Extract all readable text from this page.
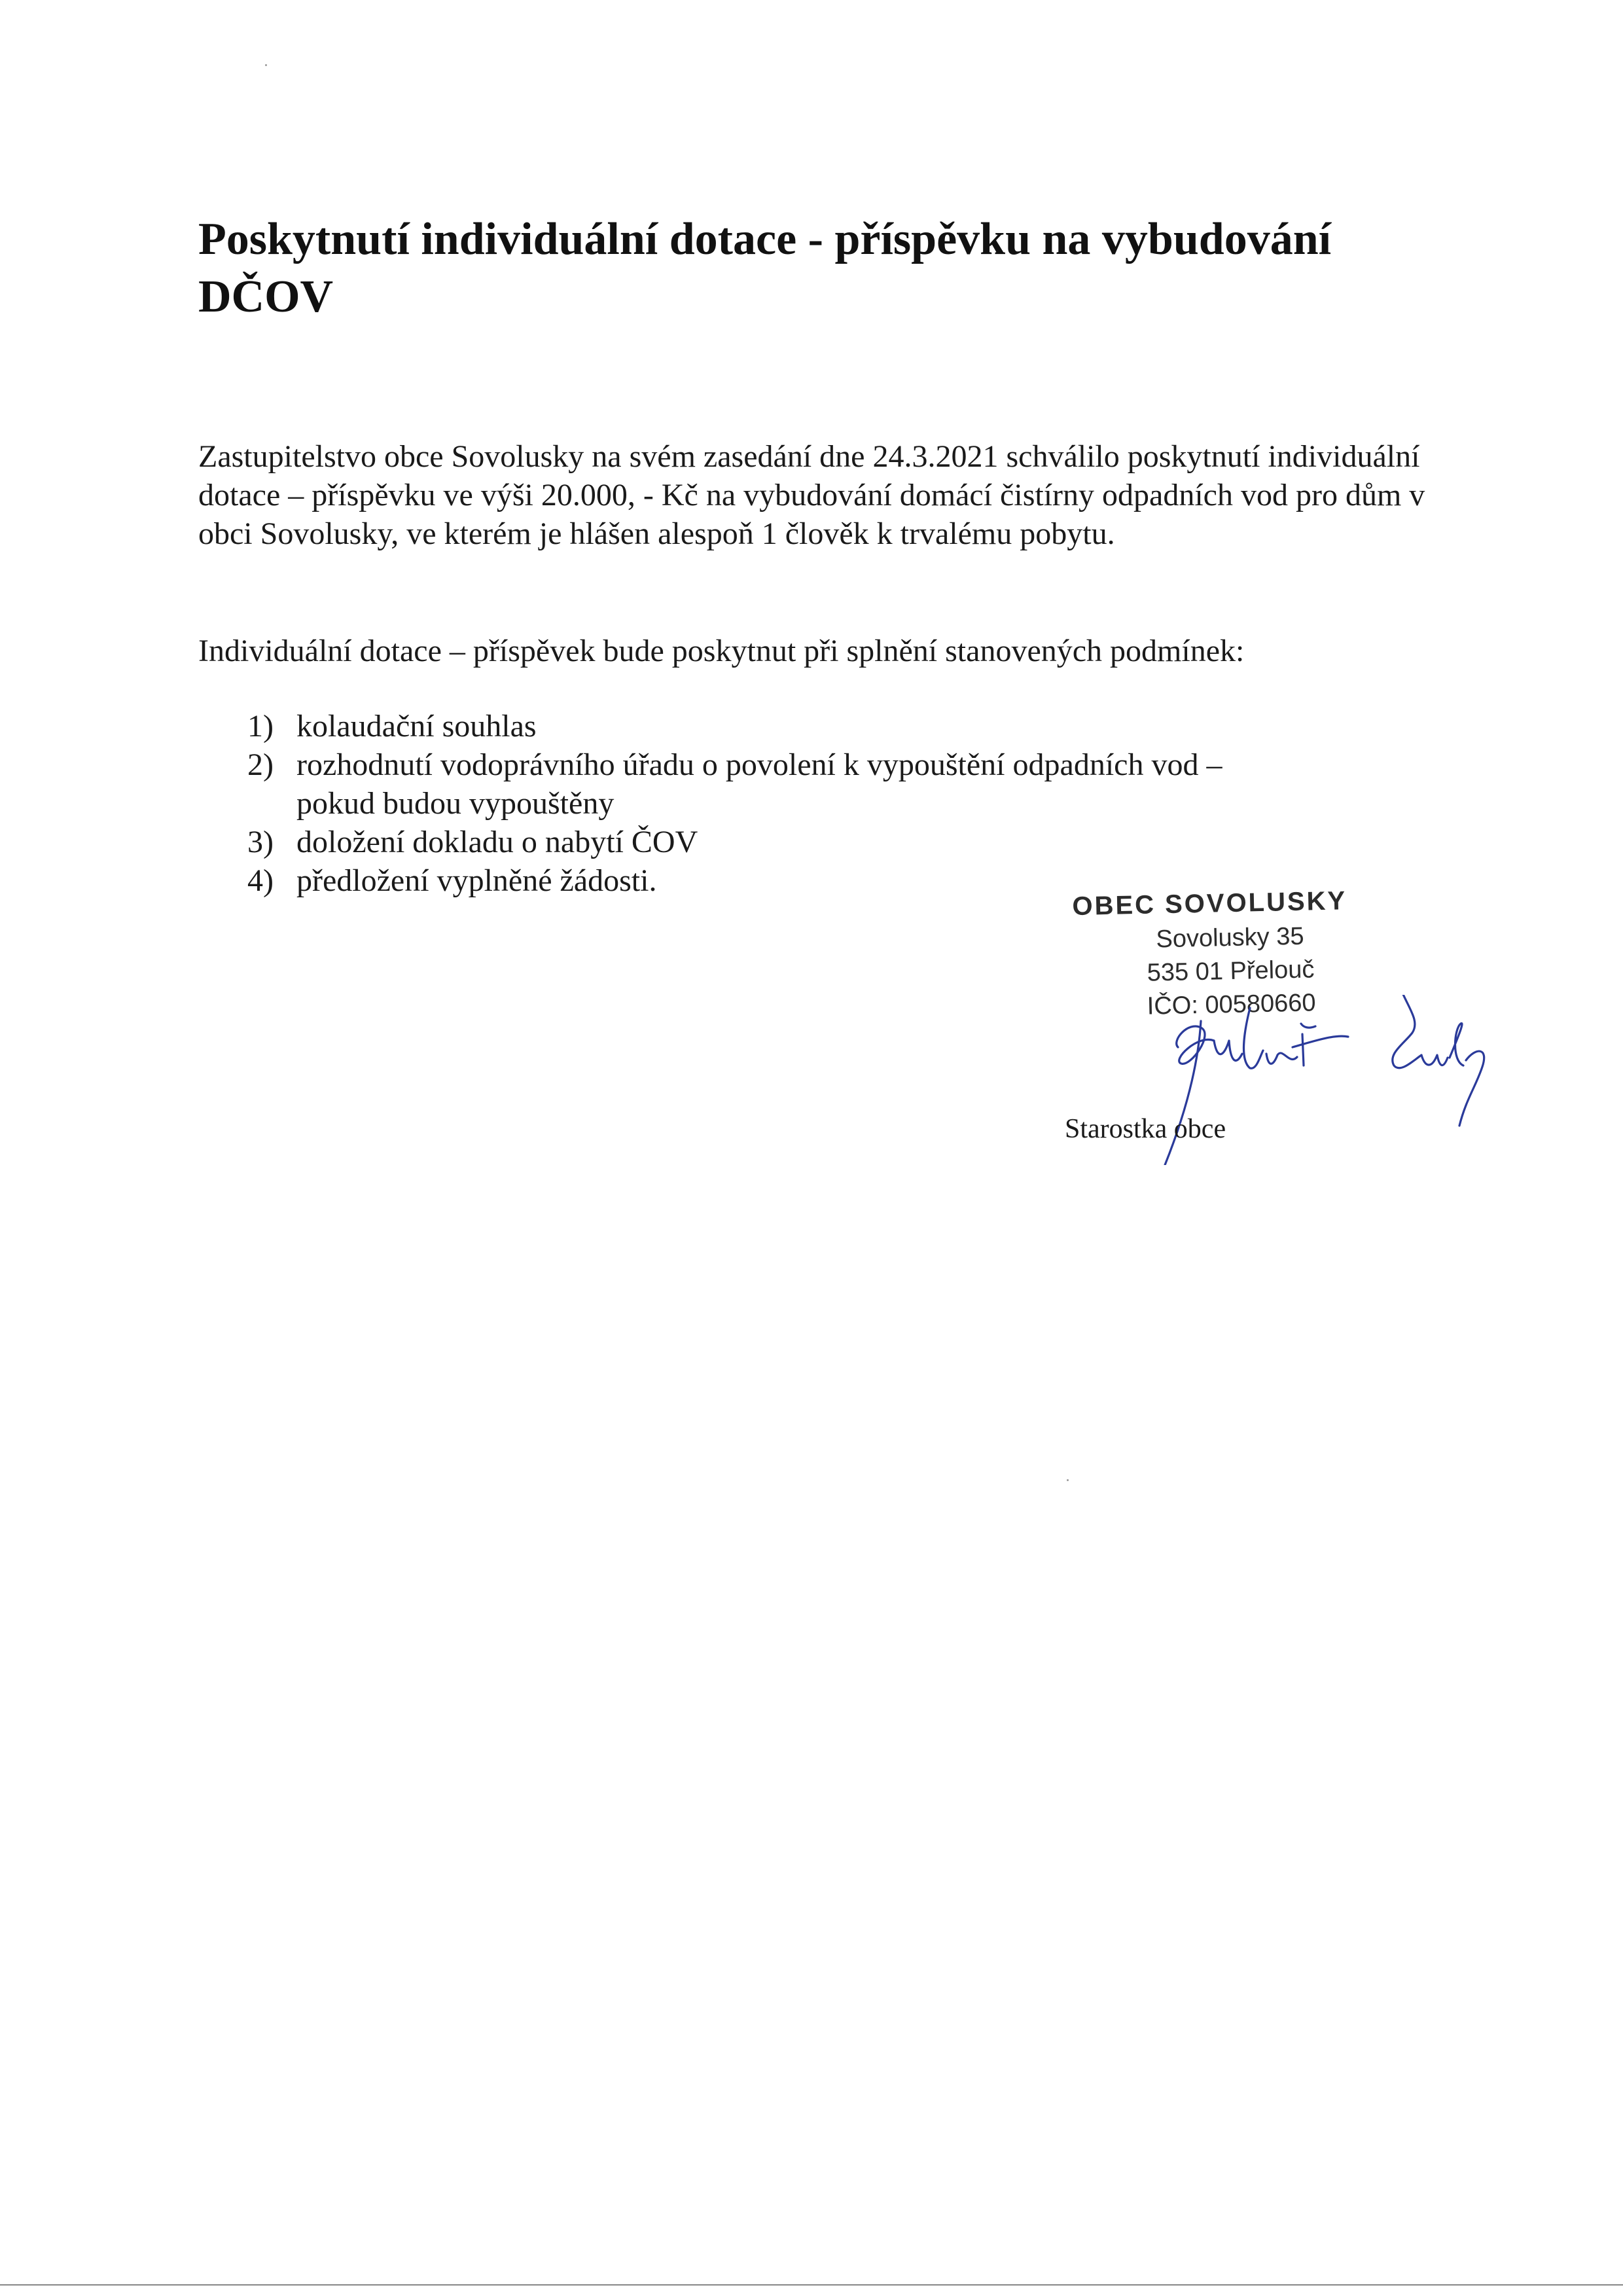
Poskytnutí individuální dotace - příspěvku na vybudování DČOV

Zastupitelstvo obce Sovolusky na svém zasedání dne 24.3.2021 schválilo poskytnutí individuální dotace – příspěvku ve výši 20.000, - Kč na vybudování domácí čistírny odpadních vod pro dům v obci Sovolusky, ve kterém je hlášen alespoň 1 člověk k trvalému pobytu.

Individuální dotace – příspěvek bude poskytnut při splnění stanovených podmínek:

1) kolaudační souhlas
2) rozhodnutí vodoprávního úřadu o povolení k vypouštění odpadních vod – pokud budou vypouštěny
3) doložení dokladu o nabytí ČOV
4) předložení vyplněné žádosti.
OBEC SOVOLUSKY
Sovolusky 35
535 01 Přelouč
IČO: 00580660

Starostka obce
